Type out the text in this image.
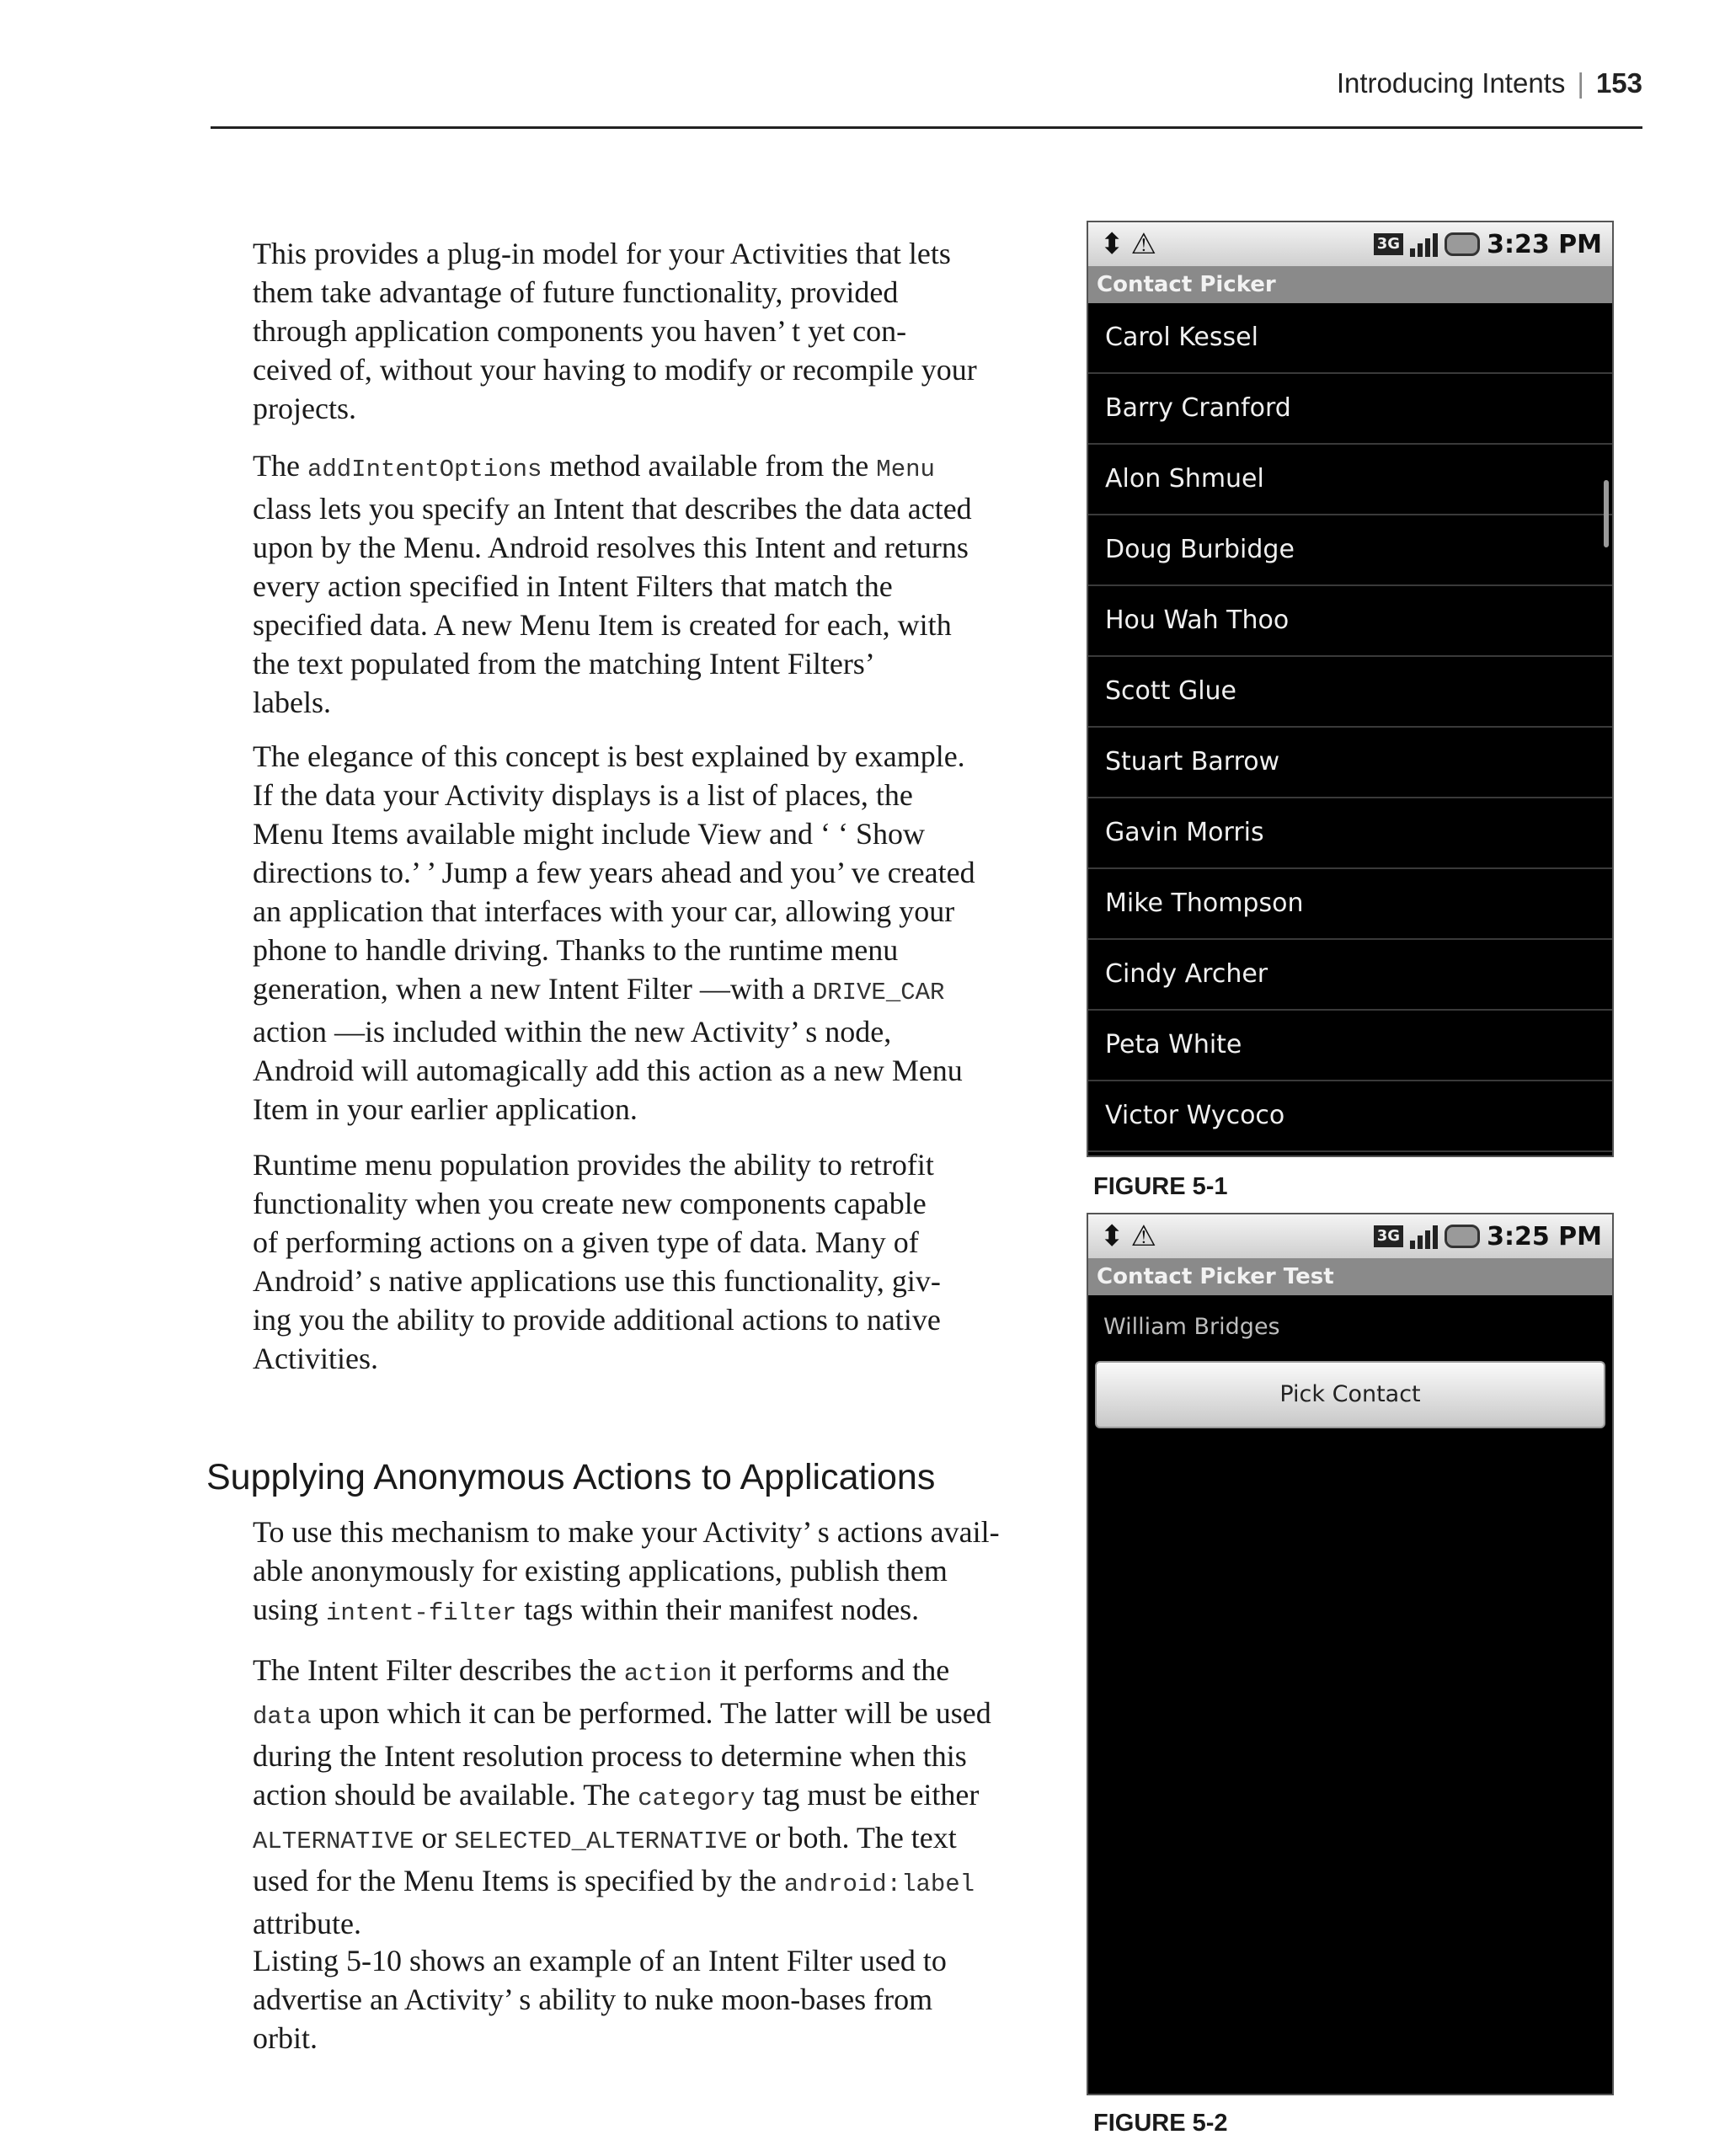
Introducing Intents | 153

This provides a plug-in model for your Activities that lets
them take advantage of future functionality, provided
through application components you haven’ t yet con-
ceived of, without your having to modify or recompile your
projects.

The addIntentOptions method available from the Menu
class lets you specify an Intent that describes the data acted
upon by the Menu. Android resolves this Intent and returns
every action specified in Intent Filters that match the
specified data. A new Menu Item is created for each, with
the text populated from the matching Intent Filters’
labels.

The elegance of this concept is best explained by example.
If the data your Activity displays is a list of places, the
Menu Items available might include View and ‘ ‘ Show
directions to.’ ’ Jump a few years ahead and you’ ve created
an application that interfaces with your car, allowing your
phone to handle driving. Thanks to the runtime menu
generation, when a new Intent Filter —with a DRIVE_CAR
action —is included within the new Activity’ s node,
Android will automagically add this action as a new Menu
Item in your earlier application.

Runtime menu population provides the ability to retrofit
functionality when you create new components capable
of performing actions on a given type of data. Many of
Android’ s native applications use this functionality, giv-
ing you the ability to provide additional actions to native
Activities.

Supplying Anonymous Actions to Applications

To use this mechanism to make your Activity’ s actions avail-
able anonymously for existing applications, publish them
using intent-filter tags within their manifest nodes.

The Intent Filter describes the action it performs and the
data upon which it can be performed. The latter will be used
during the Intent resolution process to determine when this
action should be available. The category tag must be either
ALTERNATIVE or SELECTED_ALTERNATIVE or both. The text
used for the Menu Items is specified by the android:label
attribute.

Listing 5-10 shows an example of an Intent Filter used to
advertise an Activity’ s ability to nuke moon-bases from
orbit.

⬍ ⚠	3G	3:23 PM
Contact Picker
Carol Kessel
Barry Cranford
Alon Shmuel
Doug Burbidge
Hou Wah Thoo
Scott Glue
Stuart Barrow
Gavin Morris
Mike Thompson
Cindy Archer
Peta White
Victor Wycoco
FIGURE 5-1
⬍ ⚠	3G	3:25 PM
Contact Picker Test
William Bridges
Pick Contact
FIGURE 5-2
